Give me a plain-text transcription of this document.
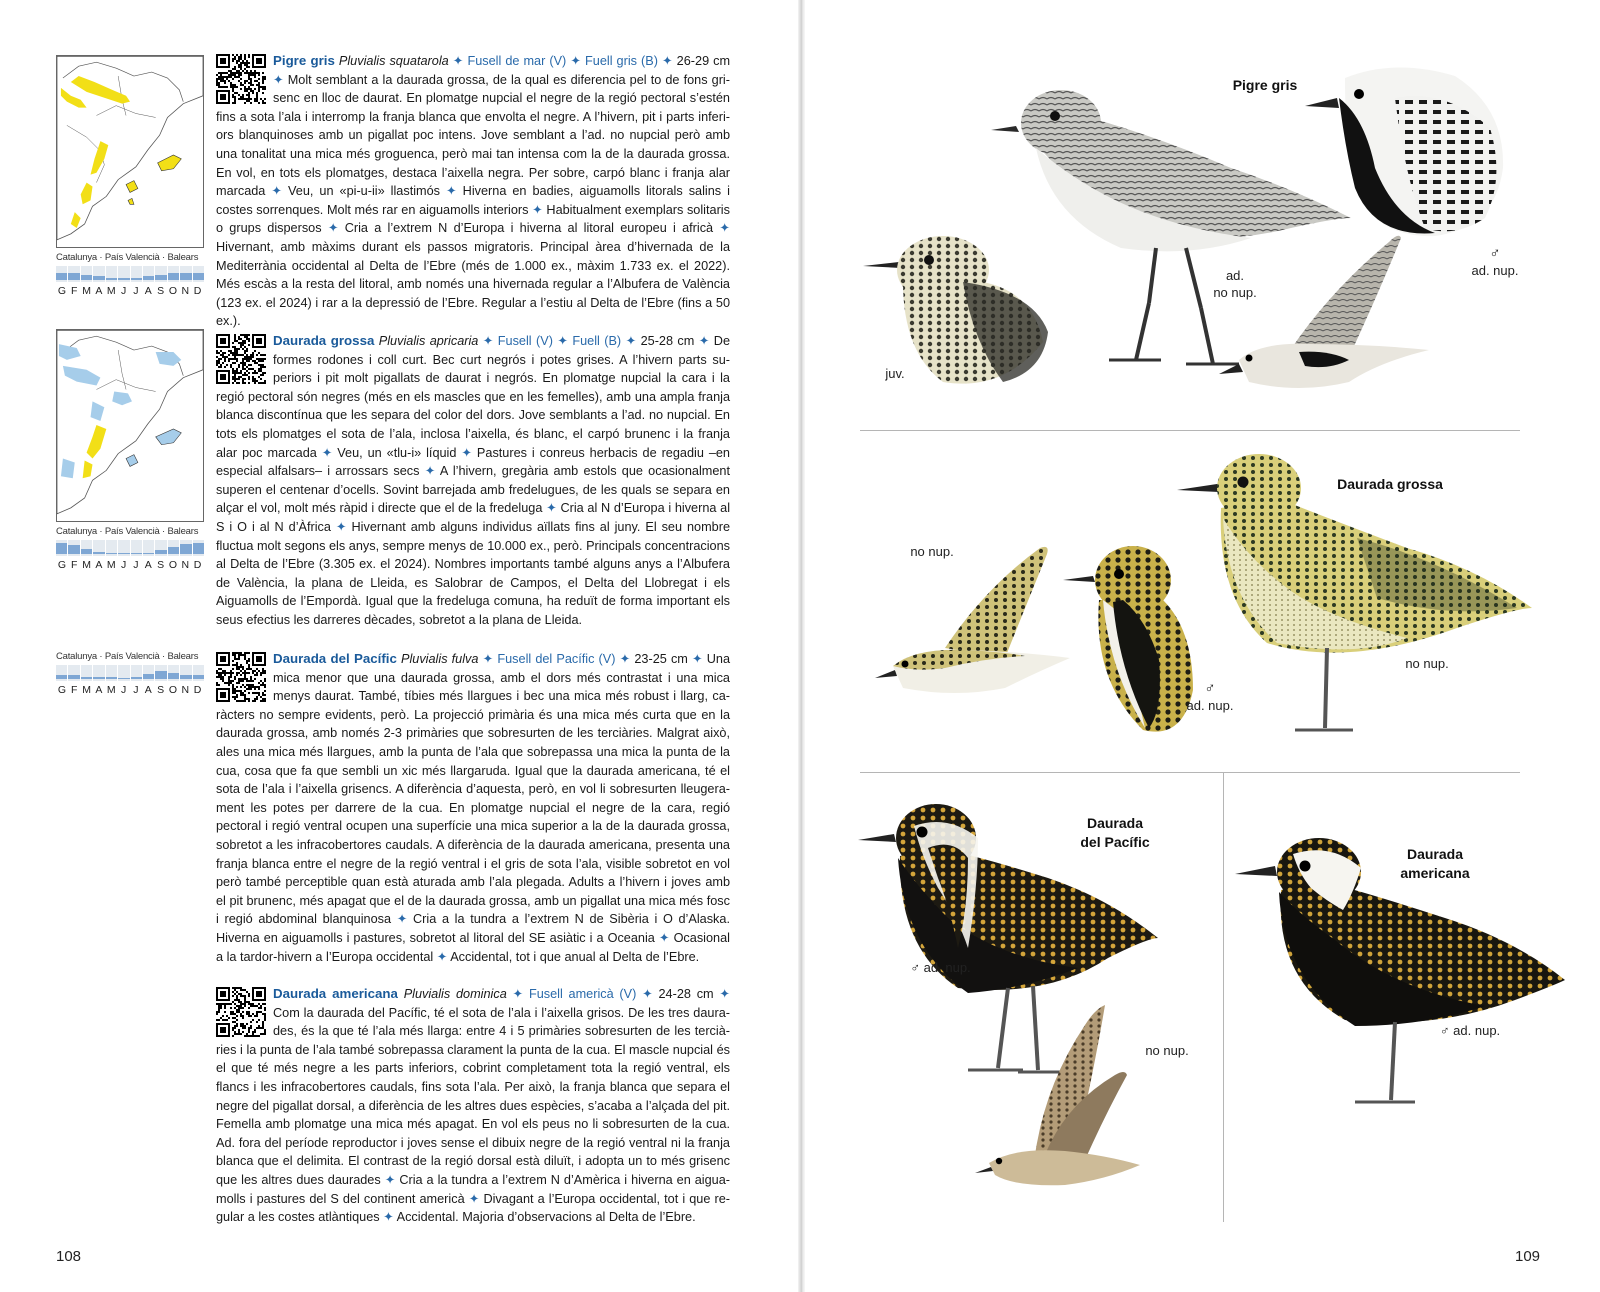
Catalunya · País Valencià · Balears
G F M A M J J A S O N D
Catalunya · País Valencià · Balears
G F M A M J J A S O N D
Catalunya · País Valencià · Balears
G F M A M J J A S O N D
Pigre gris Pluvialis squatarola ✦ Fusell de mar (V) ✦ Fuell gris (B) ✦ 26-29 cm ✦ Molt semblant a la daurada grossa, de la qual es diferencia pel to de fons grisenc en lloc de daurat. En plomatge nupcial el negre de la regió pectoral s’estén fins a sota l’ala i interromp la franja blanca que envolta el negre. A l’hivern, pit i parts inferiors blanquinoses amb un pigallat poc intens. Jove semblant a l’ad. no nupcial però amb una tonalitat una mica més groguenca, però mai tan intensa com la de la daurada grossa. En vol, en tots els plomatges, destaca l’aixella negra. Per sobre, carpó blanc i franja alar marcada ✦ Veu, un «pi-u-ii» llastimós ✦ Hiverna en badies, aiguamolls litorals salins i costes sorrenques. Molt més rar en aiguamolls interiors ✦ Habitualment exemplars solitaris o grups dispersos ✦ Cria a l’extrem N d’Europa i hiverna al litoral europeu i africà ✦ Hivernant, amb màxims durant els passos migratoris. Principal àrea d’hivernada de la Mediterrània occidental al Delta de l’Ebre (més de 1.000 ex., màxim 1.733 ex. el 2022). Més escàs a la resta del litoral, amb només una hivernada regular a l’Albufera de València (123 ex. el 2024) i rar a la depressió de l’Ebre. Regular a l’estiu al Delta de l’Ebre (fins a 50 ex.).
Daurada grossa Pluvialis apricaria ✦ Fusell (V) ✦ Fuell (B) ✦ 25-28 cm ✦ De formes rodones i coll curt. Bec curt negrós i potes grises. A l’hivern parts superiors i pit molt pigallats de daurat i negrós. En plomatge nupcial la cara i la regió pectoral són negres (més en els mascles que en les femelles), amb una ampla franja blanca discontínua que les separa del color del dors. Jove semblants a l’ad. no nupcial. En tots els plomatges el sota de l’ala, inclosa l’aixella, és blanc, el carpó brunenc i la franja alar poc marcada ✦ Veu, un «tlu-i» líquid ✦ Pastures i conreus herbacis de regadiu –en especial alfalsars– i arrossars secs ✦ A l’hivern, gregària amb estols que ocasionalment superen el centenar d’ocells. Sovint barrejada amb fredelugues, de les quals se separa en alçar el vol, molt més ràpid i directe que el de la fredeluga ✦ Cria al N d’Europa i hiverna al S i O i al N d’Àfrica ✦ Hivernant amb alguns individus aïllats fins al juny. El seu nombre fluctua molt segons els anys, sempre menys de 10.000 ex., però. Principals concentracions al Delta de l’Ebre (3.305 ex. el 2024). Nombres importants també alguns anys a l’Albufera de València, la plana de Lleida, es Salobrar de Campos, el Delta del Llobregat i els Aiguamolls de l’Empordà. Igual que la fredeluga comuna, ha reduït de forma important els seus efectius les darreres dècades, sobretot a la plana de Lleida.
Daurada del Pacífic Pluvialis fulva ✦ Fusell del Pacífic (V) ✦ 23-25 cm ✦ Una mica menor que una daurada grossa, amb el dors més contrastat i una mica menys daurat. També, tíbies més llargues i bec una mica més robust i llarg, caràcters no sempre evidents, però. La projecció primària és una mica més curta que en la daurada grossa, amb només 2-3 primàries que sobresurten de les terciàries. Malgrat això, ales una mica més llargues, amb la punta de l’ala que sobrepassa una mica la punta de la cua, cosa que fa que sembli un xic més llargaruda. Igual que la daurada americana, té el sota de l’ala i l’aixella grisencs. A diferència d’aquesta, però, en vol li sobresurten lleugerament les potes per darrere de la cua. En plomatge nupcial el negre de la cara, regió pectoral i regió ventral ocupen una superfície una mica superior a la de la daurada grossa, sobretot a les infracobertores caudals. A diferència de la daurada americana, presenta una franja blanca entre el negre de la regió ventral i el gris de sota l’ala, visible sobretot en vol però també perceptible quan està aturada amb l’ala plegada. Adults a l’hivern i joves amb el pit brunenc, més apagat que el de la daurada grossa, amb un pigallat una mica més fosc i regió abdominal blanquinosa ✦ Cria a la tundra a l’extrem N de Sibèria i O d’Alaska. Hiverna en aiguamolls i pastures, sobretot al litoral del SE asiàtic i a Oceania ✦ Ocasional a la tardor-hivern a l’Europa occidental ✦ Accidental, tot i que anual al Delta de l’Ebre.
Daurada americana Pluvialis dominica ✦ Fusell americà (V) ✦ 24-28 cm ✦ Com la daurada del Pacífic, té el sota de l’ala i l’aixella grisos. De les tres daurades, és la que té l’ala més llarga: entre 4 i 5 primàries sobresurten de les terciàries i la punta de l’ala també sobrepassa clarament la punta de la cua. El mascle nupcial és el que té més negre a les parts inferiors, cobrint completament tota la regió ventral, els flancs i les infracobertores caudals, fins sota l’ala. Per això, la franja blanca que separa el negre del pigallat dorsal, a diferència de les altres dues espècies, s’acaba a l’alçada del pit. Femella amb plomatge una mica més apagat. En vol els peus no li sobresurten de la cua. Ad. fora del període reproductor i joves sense el dibuix negre de la regió ventral ni la franja blanca que el delimita. El contrast de la regió dorsal està diluït, i adopta un to més grisenc que les altres dues daurades ✦ Cria a la tundra a l’extrem N d’Amèrica i hiverna en aiguamolls i pastures del S del continent americà ✦ Divagant a l’Europa occidental, tot i que regular a les costes atlàntiques ✦ Accidental. Majoria d’observacions al Delta de l’Ebre.
108
Pigre gris
ad.
no nup.
♂
ad. nup.
juv.
Daurada grossa
no nup.
♂
ad. nup.
no nup.
Daurada
del Pacífic
♂ ad. nup.
no nup.
Daurada
americana
♂ ad. nup.
109
